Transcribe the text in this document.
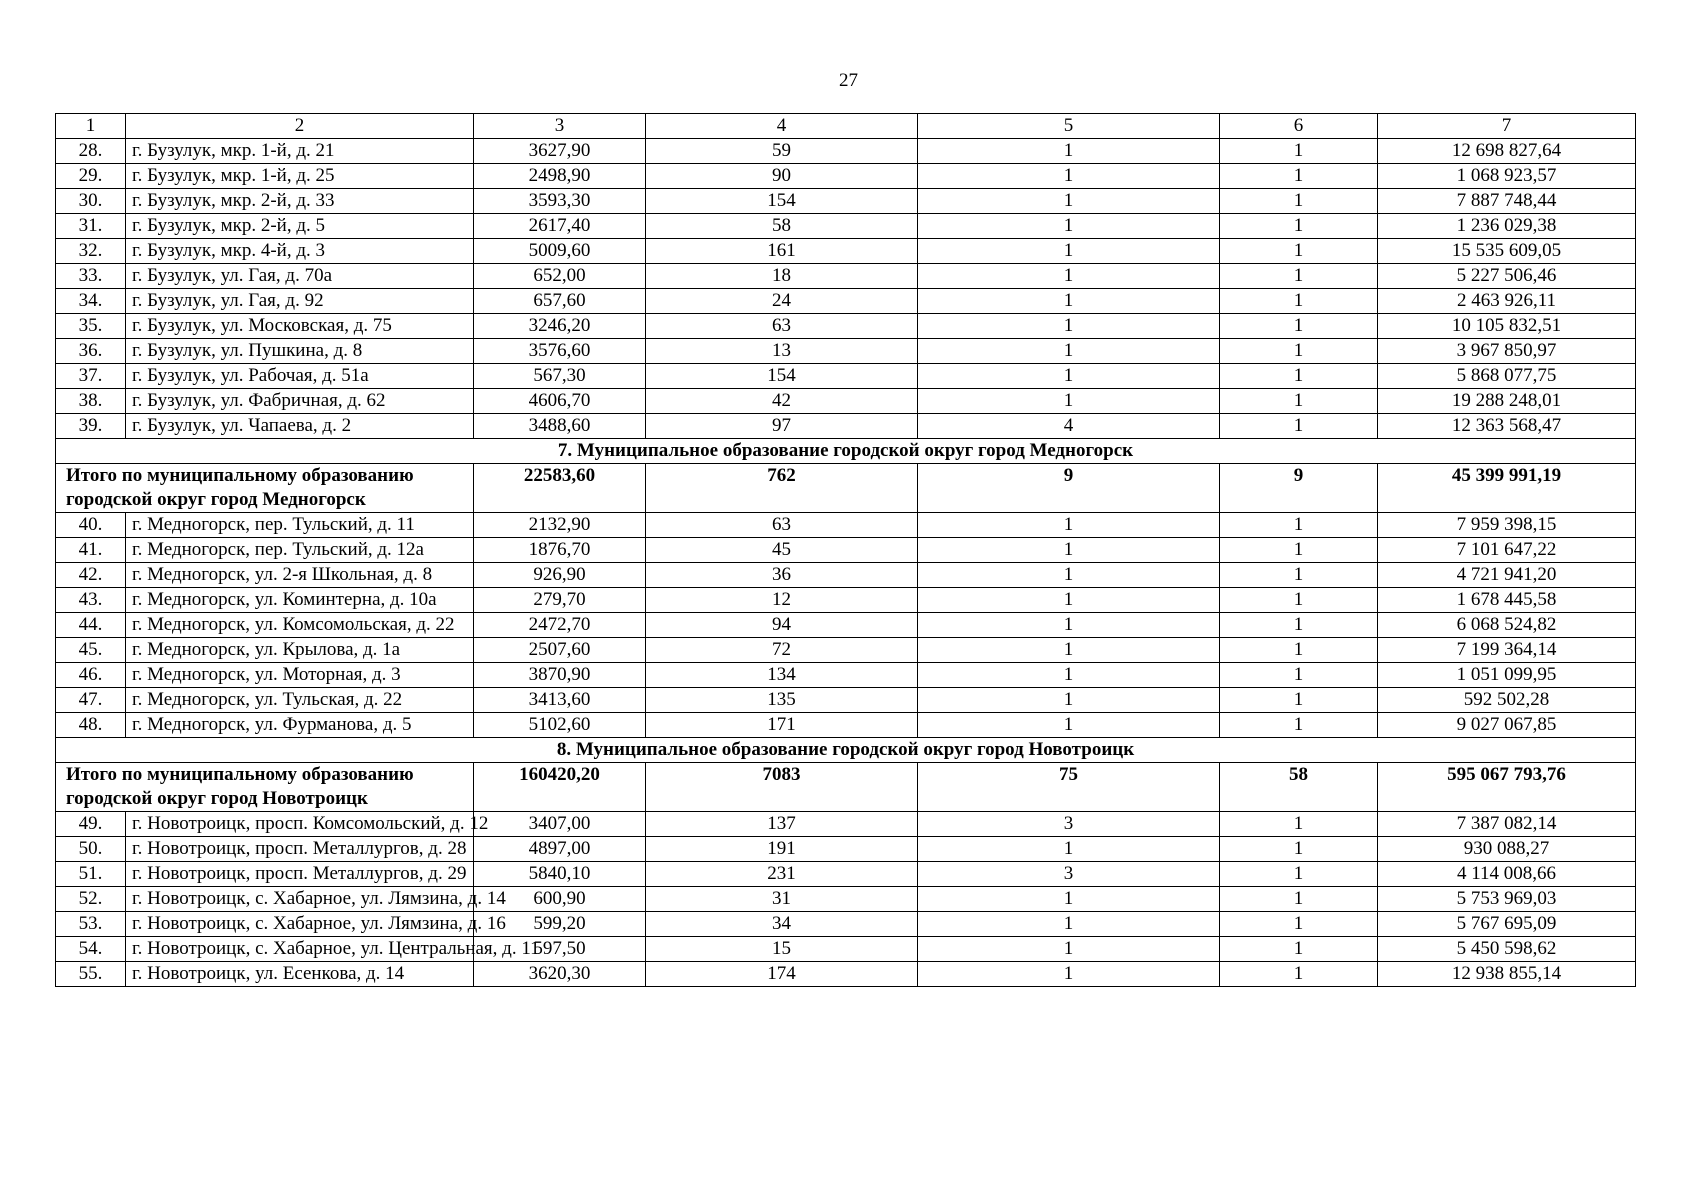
27
1	2	3	4	5	6	7
28.	г. Бузулук, мкр. 1-й, д. 21	3627,90	59	1	1	12 698 827,64
29.	г. Бузулук, мкр. 1-й, д. 25	2498,90	90	1	1	1 068 923,57
30.	г. Бузулук, мкр. 2-й, д. 33	3593,30	154	1	1	7 887 748,44
31.	г. Бузулук, мкр. 2-й, д. 5	2617,40	58	1	1	1 236 029,38
32.	г. Бузулук, мкр. 4-й, д. 3	5009,60	161	1	1	15 535 609,05
33.	г. Бузулук, ул. Гая, д. 70а	652,00	18	1	1	5 227 506,46
34.	г. Бузулук, ул. Гая, д. 92	657,60	24	1	1	2 463 926,11
35.	г. Бузулук, ул. Московская, д. 75	3246,20	63	1	1	10 105 832,51
36.	г. Бузулук, ул. Пушкина, д. 8	3576,60	13	1	1	3 967 850,97
37.	г. Бузулук, ул. Рабочая, д. 51а	567,30	154	1	1	5 868 077,75
38.	г. Бузулук, ул. Фабричная, д. 62	4606,70	42	1	1	19 288 248,01
39.	г. Бузулук, ул. Чапаева, д. 2	3488,60	97	4	1	12 363 568,47
7. Муниципальное образование городской округ город Медногорск						
Итого по муниципальному образованию городской округ город Медногорск		22583,60	762	9	9	45 399 991,19
40.	г. Медногорск, пер. Тульский, д. 11	2132,90	63	1	1	7 959 398,15
41.	г. Медногорск, пер. Тульский, д. 12а	1876,70	45	1	1	7 101 647,22
42.	г. Медногорск, ул. 2-я Школьная, д. 8	926,90	36	1	1	4 721 941,20
43.	г. Медногорск, ул. Коминтерна, д. 10а	279,70	12	1	1	1 678 445,58
44.	г. Медногорск, ул. Комсомольская, д. 22	2472,70	94	1	1	6 068 524,82
45.	г. Медногорск, ул. Крылова, д. 1а	2507,60	72	1	1	7 199 364,14
46.	г. Медногорск, ул. Моторная, д. 3	3870,90	134	1	1	1 051 099,95
47.	г. Медногорск, ул. Тульская, д. 22	3413,60	135	1	1	592 502,28
48.	г. Медногорск, ул. Фурманова, д. 5	5102,60	171	1	1	9 027 067,85
8. Муниципальное образование городской округ город Новотроицк						
Итого по муниципальному образованию городской округ город Новотроицк		160420,20	7083	75	58	595 067 793,76
49.	г. Новотроицк, просп. Комсомольский, д. 12	3407,00	137	3	1	7 387 082,14
50.	г. Новотроицк, просп. Металлургов, д. 28	4897,00	191	1	1	930 088,27
51.	г. Новотроицк, просп. Металлургов, д. 29	5840,10	231	3	1	4 114 008,66
52.	г. Новотроицк, с. Хабарное, ул. Лямзина, д. 14	600,90	31	1	1	5 753 969,03
53.	г. Новотроицк, с. Хабарное, ул. Лямзина, д. 16	599,20	34	1	1	5 767 695,09
54.	г. Новотроицк, с. Хабарное, ул. Центральная, д. 11	597,50	15	1	1	5 450 598,62
55.	г. Новотроицк, ул. Есенкова, д. 14	3620,30	174	1	1	12 938 855,14
